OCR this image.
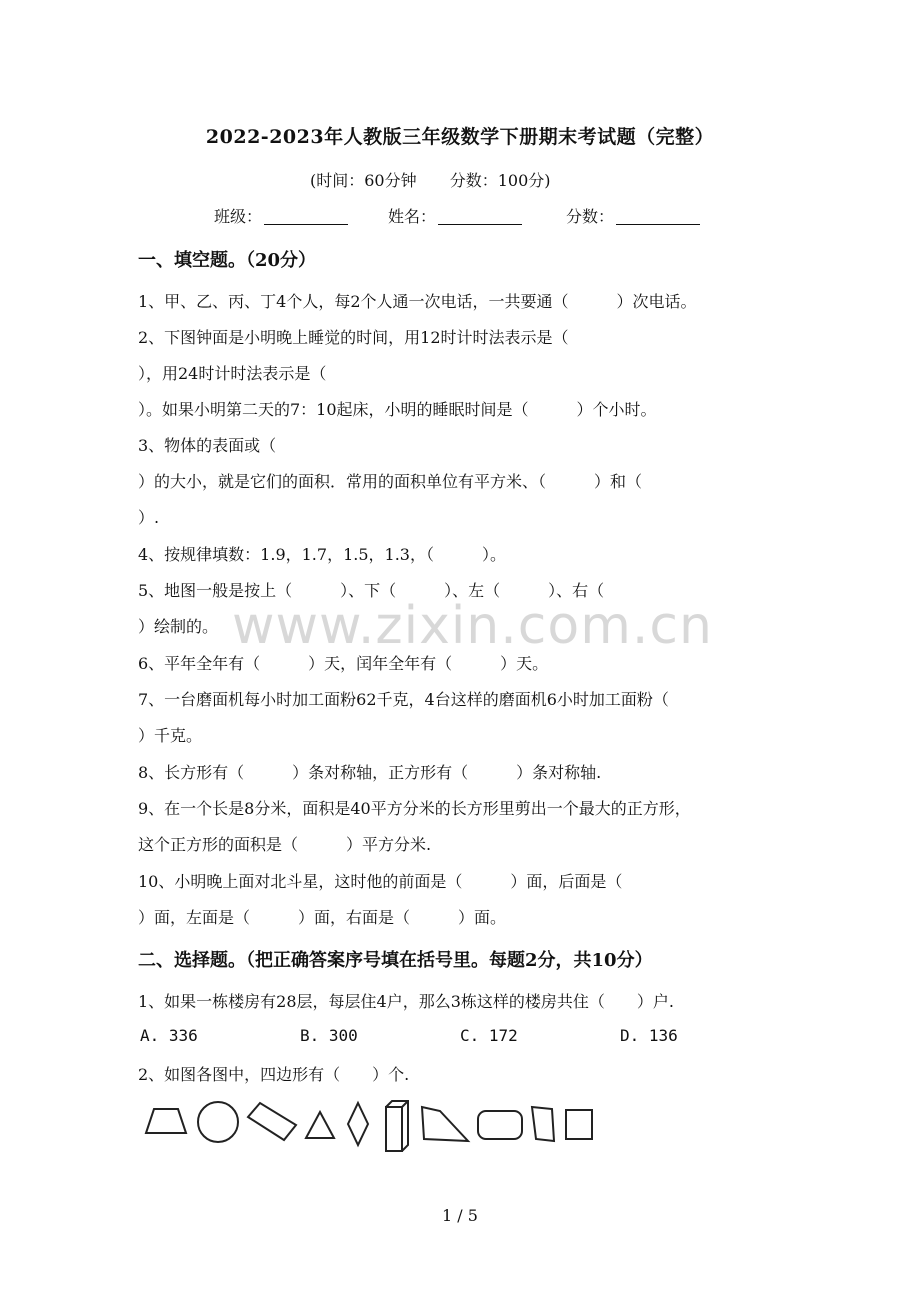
2022-2023年人教版三年级数学下册期末考试题（完整）
(时间：60分钟 分数：100分)
班级：	姓名：	分数：
一、填空题。（20分）
1、甲、乙、丙、丁4个人，每2个人通一次电话，一共要通（　　　）次电话。
2、下图钟面是小明晚上睡觉的时间，用12时计时法表示是（
），用24时计时法表示是（
）。如果小明第二天的7：10起床，小明的睡眠时间是（　　　）个小时。
3、物体的表面或（
）的大小，就是它们的面积．常用的面积单位有平方米、（　　　）和（
）.
4、按规律填数：1.9，1.7，1.5，1.3，（　　　）。
5、地图一般是按上（　　　）、下（　　　）、左（　　　）、右（
）绘制的。
6、平年全年有（　　　）天，闰年全年有（　　　）天。
7、一台磨面机每小时加工面粉62千克，4台这样的磨面机6小时加工面粉（
）千克。
8、长方形有（　　　）条对称轴，正方形有（　　　）条对称轴.
9、在一个长是8分米，面积是40平方分米的长方形里剪出一个最大的正方形，
这个正方形的面积是（　　　）平方分米.
10、小明晚上面对北斗星，这时他的前面是（　　　）面，后面是（
）面，左面是（　　　）面，右面是（　　　）面。
二、选择题。（把正确答案序号填在括号里。每题2分，共10分）
1、如果一栋楼房有28层，每层住4户，那么3栋这样的楼房共住（　　）户.
A. 336	B. 300	C. 172	D. 136
2、如图各图中，四边形有（　　）个.
www.zixin.com.cn
1 / 5
